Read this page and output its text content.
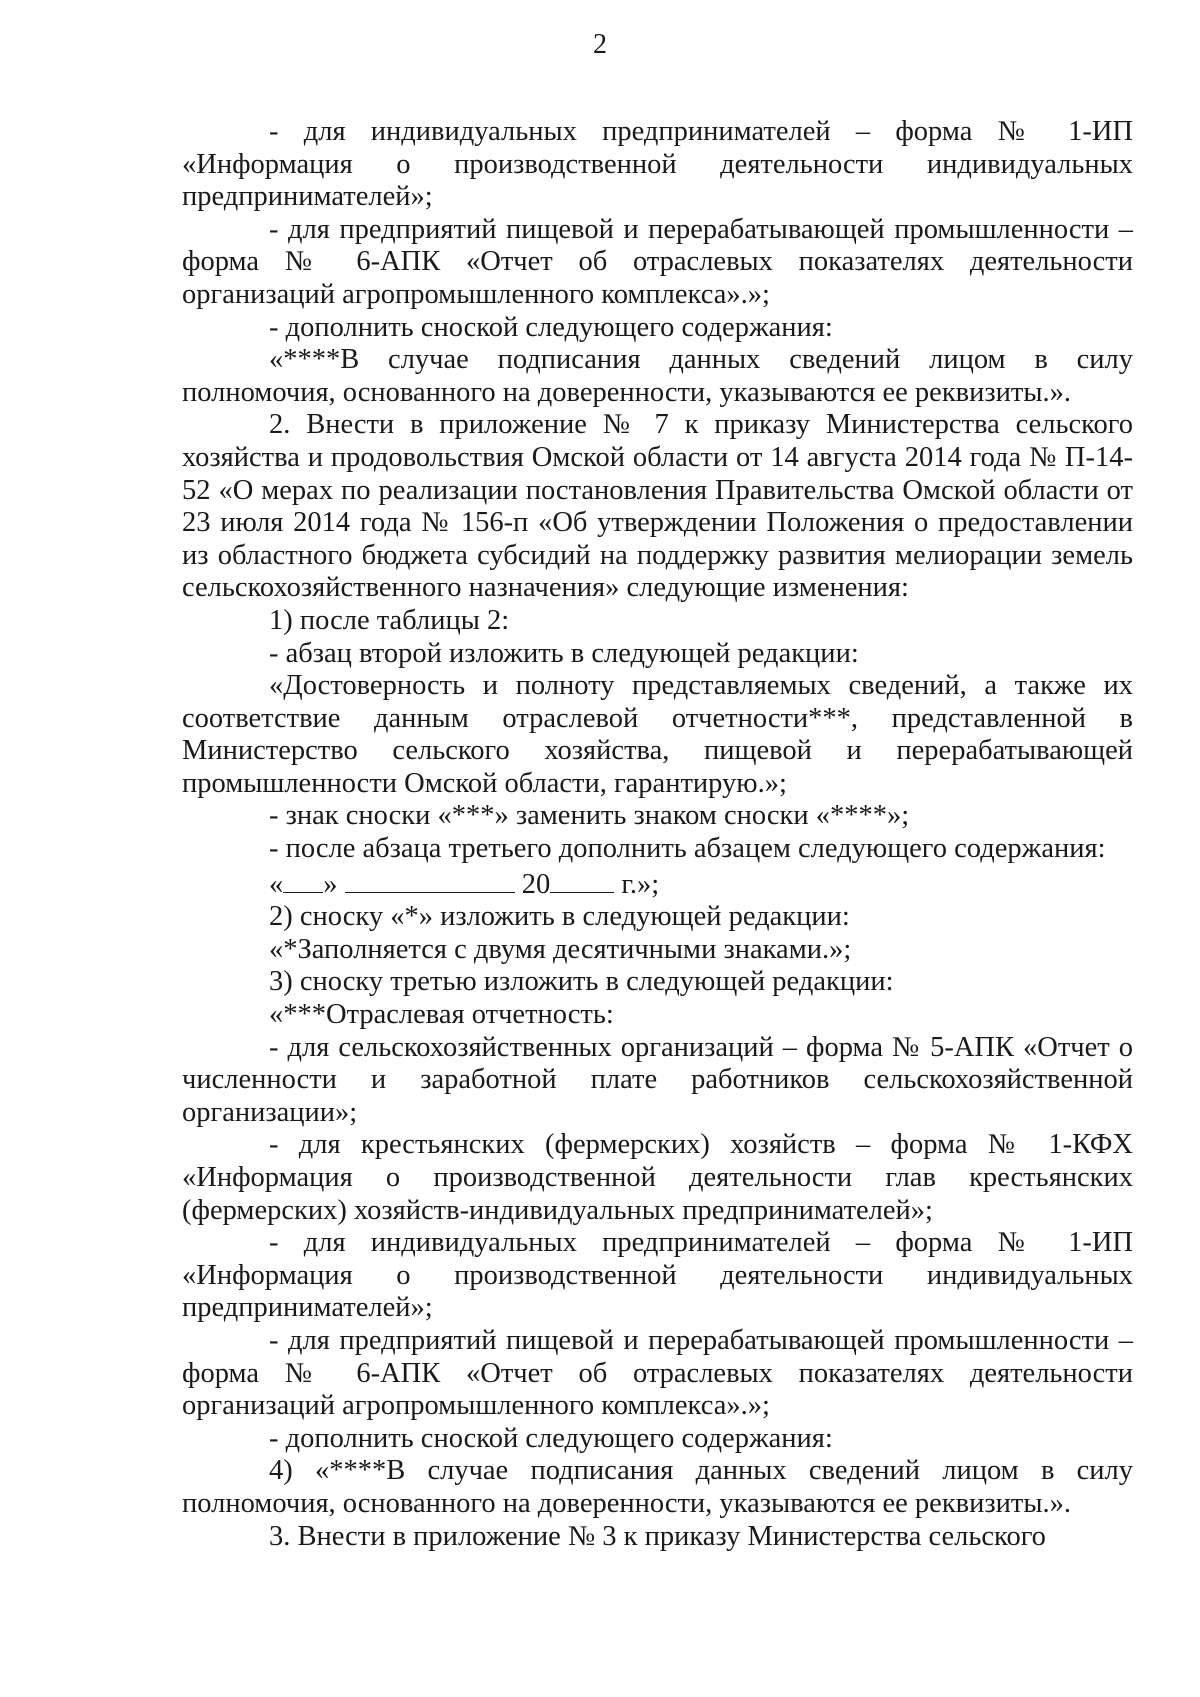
2

- для индивидуальных предпринимателей – форма № 1-ИП «Информация о производственной деятельности индивидуальных предпринимателей»;

- для предприятий пищевой и перерабатывающей промышленности – форма № 6-АПК «Отчет об отраслевых показателях деятельности организаций агропромышленного комплекса».»;

- дополнить сноской следующего содержания:

«****В случае подписания данных сведений лицом в силу полномочия, основанного на доверенности, указываются ее реквизиты.».

2. Внести в приложение № 7 к приказу Министерства сельского хозяйства и продовольствия Омской области от 14 августа 2014 года № П-14-52 «О мерах по реализации постановления Правительства Омской области от 23 июля 2014 года № 156-п «Об утверждении Положения о предоставлении из областного бюджета субсидий на поддержку развития мелиорации земель сельскохозяйственного назначения» следующие изменения:

1) после таблицы 2:

- абзац второй изложить в следующей редакции:

«Достоверность и полноту представляемых сведений, а также их соответствие данным отраслевой отчетности***, представленной в Министерство сельского хозяйства, пищевой и перерабатывающей промышленности Омской области, гарантирую.»;

- знак сноски «***» заменить знаком сноски «****»;

- после абзаца третьего дополнить абзацем следующего содержания:

« »	20 г.»;

2) сноску «*» изложить в следующей редакции:

«*Заполняется с двумя десятичными знаками.»;

3) сноску третью изложить в следующей редакции:

«***Отраслевая отчетность:

- для сельскохозяйственных организаций – форма № 5-АПК «Отчет о численности и заработной плате работников сельскохозяйственной организации»;

- для крестьянских (фермерских) хозяйств – форма № 1-КФХ «Информация о производственной деятельности глав крестьянских (фермерских) хозяйств-индивидуальных предпринимателей»;

- для индивидуальных предпринимателей – форма № 1-ИП «Информация о производственной деятельности индивидуальных предпринимателей»;

- для предприятий пищевой и перерабатывающей промышленности – форма № 6-АПК «Отчет об отраслевых показателях деятельности организаций агропромышленного комплекса».»;

- дополнить сноской следующего содержания:

4) «****В случае подписания данных сведений лицом в силу полномочия, основанного на доверенности, указываются ее реквизиты.».

3. Внести в приложение № 3 к приказу Министерства сельского
